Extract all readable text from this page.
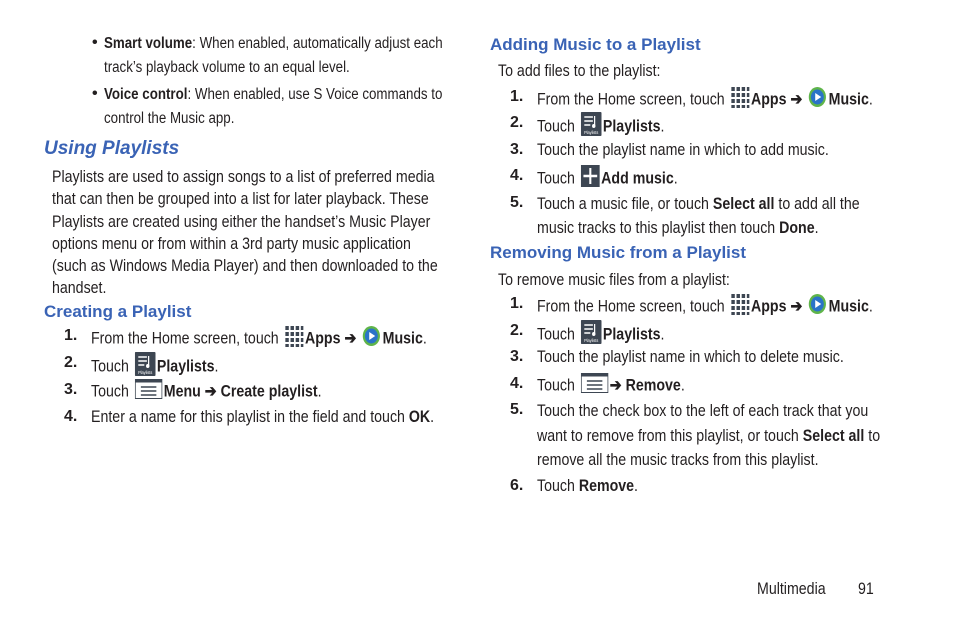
• Smart volume: When enabled, automatically adjust each
track’s playback volume to an equal level.
• Voice control: When enabled, use S Voice commands to
control the Music app.
Using Playlists
Playlists are used to assign songs to a list of preferred media
that can then be grouped into a list for later playback. These
Playlists are created using either the handset’s Music Player
options menu or from within a 3rd party music application
(such as Windows Media Player) and then downloaded to the
handset.
Creating a Playlist
1. From the Home screen, touch Apps ➔ Music.
2. Touch Playlists Playlists.
3. Touch Menu ➔ Create playlist.
4. Enter a name for this playlist in the field and touch OK.
Adding Music to a Playlist
To add files to the playlist:
1. From the Home screen, touch Apps ➔ Music.
2. Touch Playlists Playlists.
3. Touch the playlist name in which to add music.
4. Touch Add music.
5. Touch a music file, or touch Select all to add all the
music tracks to this playlist then touch Done.
Removing Music from a Playlist
To remove music files from a playlist:
1. From the Home screen, touch Apps ➔ Music.
2. Touch Playlists Playlists.
3. Touch the playlist name in which to delete music.
4. Touch ➔ Remove.
5. Touch the check box to the left of each track that you
want to remove from this playlist, or touch Select all to
remove all the music tracks from this playlist.
6. Touch Remove.
Multimedia	91
